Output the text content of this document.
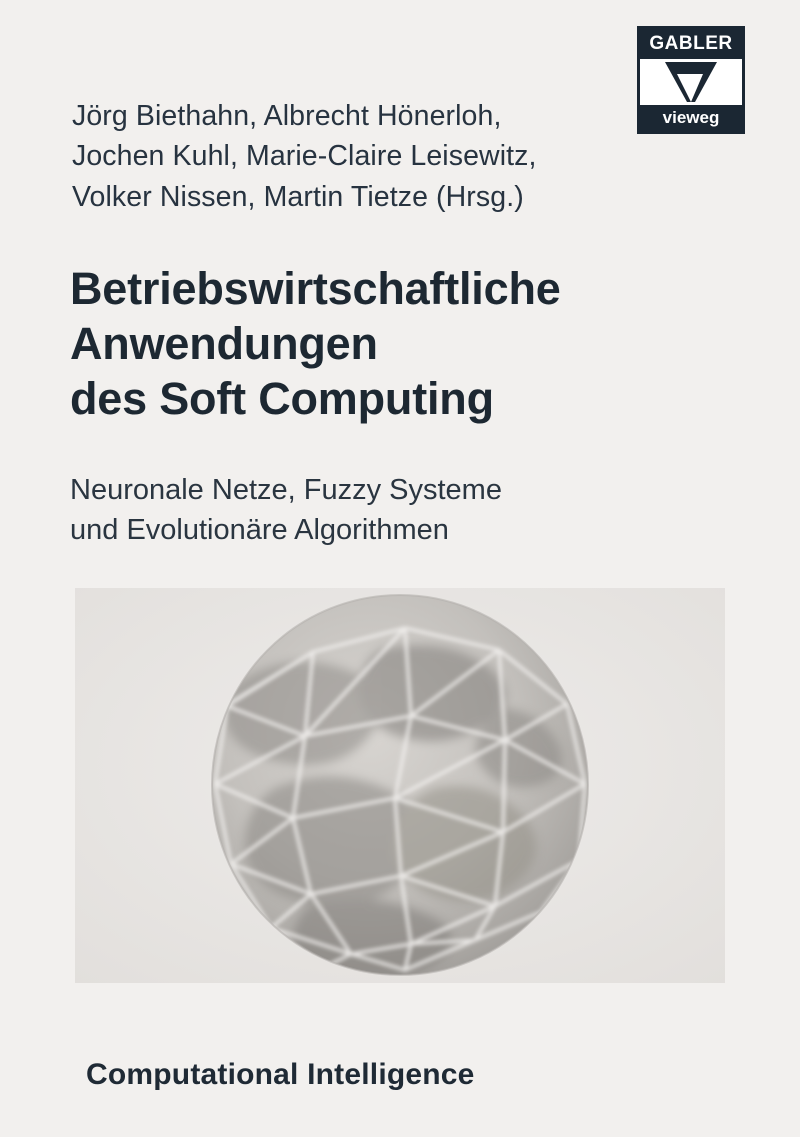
GABLER
vieweg
Jörg Biethahn, Albrecht Hönerloh,
Jochen Kuhl, Marie-Claire Leisewitz,
Volker Nissen, Martin Tietze (Hrsg.)
Betriebswirtschaftliche
Anwendungen
des Soft Computing
Neuronale Netze, Fuzzy Systeme
und Evolutionäre Algorithmen
Computational Intelligence
